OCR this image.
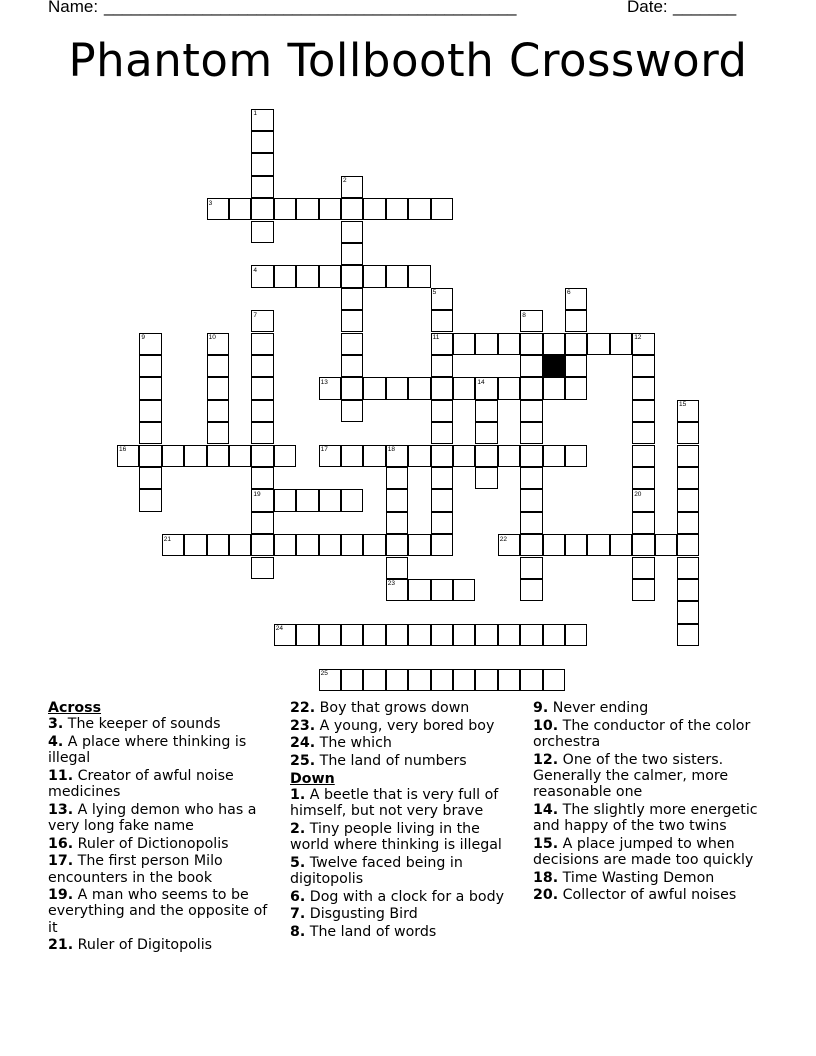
Name: ______________________________________________	Date: _______
Phantom Tollbooth Crossword
1
2
3
4
5	6
7	8
9	10	11	12
13	14
15
16	17	18
19	20
21	22
23
24
25
Across
3. The keeper of sounds
4. A place where thinking is illegal
11. Creator of awful noise medicines
13. A lying demon who has a very long fake name
16. Ruler of Dictionopolis
17. The first person Milo encounters in the book
19. A man who seems to be everything and the opposite of it
21. Ruler of Digitopolis
22. Boy that grows down
23. A young, very bored boy
24. The which
25. The land of numbers
Down
1. A beetle that is very full of himself, but not very brave
2. Tiny people living in the world where thinking is illegal
5. Twelve faced being in digitopolis
6. Dog with a clock for a body
7. Disgusting Bird
8. The land of words
9. Never ending
10. The conductor of the color orchestra
12. One of the two sisters. Generally the calmer, more reasonable one
14. The slightly more energetic and happy of the two twins
15. A place jumped to when decisions are made too quickly
18. Time Wasting Demon
20. Collector of awful noises
